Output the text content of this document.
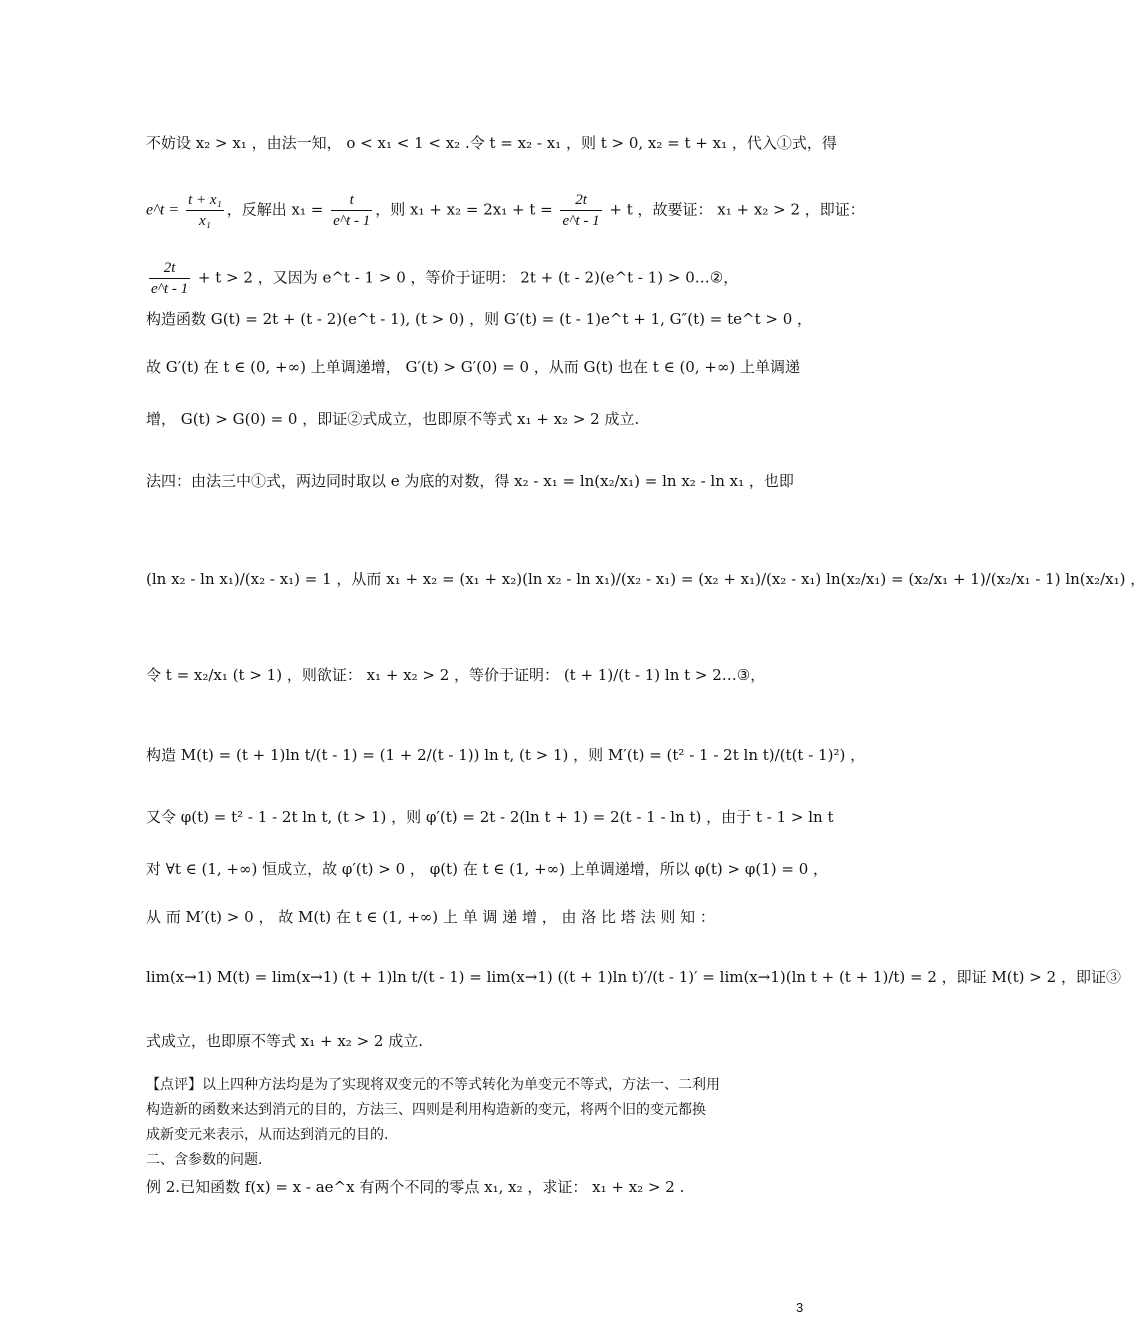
不妨设 x₂ > x₁ ，由法一知， o < x₁ < 1 < x₂ .令 t = x₂ - x₁ ，则 t > 0, x₂ = t + x₁ ，代入①式，得
e^t = $\frac{\text{t + x₁}}{\text{x₁}}$ ，反解出 $x_1 = \frac{t}{e\^{}t - 1}$ ，则 $x_1 + x_2 = 2x_1 + t = \frac{2t}{e\^{}t - 1} + t$ ，故要证： x₁ + x₂ > 2 ，即证：
$\frac{2t}{e\^{}t - 1} + t > 2$ ，又因为 e^t - 1 > 0 ，等价于证明： 2t + (t - 2)(e^t - 1) > 0…②，
构造函数 G(t) = 2t + (t - 2)(e^t - 1), (t > 0) ，则 G′(t) = (t - 1)e^t + 1, G″(t) = te^t > 0 ，
故 G′(t) 在 t ∈ (0, +∞) 上单调递增， G′(t) > G′(0) = 0 ，从而 G(t) 也在 t ∈ (0, +∞) 上单调递
增， G(t) > G(0) = 0 ，即证②式成立，也即原不等式 x₁ + x₂ > 2 成立.
法四：由法三中①式，两边同时取以 e 为底的对数，得 x₂ - x₁ = ln(x₂/x₁) = ln x₂ - ln x₁ ，也即
(ln x₂ - ln x₁)/(x₂ - x₁) = 1 ，从而 x₁ + x₂ = (x₁ + x₂)(ln x₂ - ln x₁)/(x₂ - x₁) = (x₂ + x₁)/(x₂ - x₁) ln(x₂/x₁) = (x₂/x₁ + 1)/(x₂/x₁ - 1) ln(x₂/x₁) ，
令 t = x₂/x₁ (t > 1) ，则欲证： x₁ + x₂ > 2 ，等价于证明： (t + 1)/(t - 1) ln t > 2…③，
构造 M(t) = (t + 1)ln t/(t - 1) = (1 + 2/(t - 1)) ln t, (t > 1) ，则 M′(t) = (t² - 1 - 2t ln t)/(t(t - 1)²) ，
又令 φ(t) = t² - 1 - 2t ln t, (t > 1) ，则 φ′(t) = 2t - 2(ln t + 1) = 2(t - 1 - ln t) ，由于 t - 1 > ln t
对 ∀t ∈ (1, +∞) 恒成立，故 φ′(t) > 0 ， φ(t) 在 t ∈ (1, +∞) 上单调递增，所以 φ(t) > φ(1) = 0 ，
从 而 M′(t) > 0 ， 故 M(t) 在 t ∈ (1, +∞) 上 单 调 递 增 ， 由 洛 比 塔 法 则 知 ：
lim(x→1) M(t) = lim(x→1) (t + 1)ln t/(t - 1) = lim(x→1) ((t + 1)ln t)′/(t - 1)′ = lim(x→1)(ln t + (t + 1)/t) = 2 ，即证 M(t) > 2 ，即证③
式成立，也即原不等式 x₁ + x₂ > 2 成立.
【点评】以上四种方法均是为了实现将双变元的不等式转化为单变元不等式，方法一、二利用
构造新的函数来达到消元的目的，方法三、四则是利用构造新的变元，将两个旧的变元都换
成新变元来表示，从而达到消元的目的.
二、含参数的问题.
例 2.已知函数 f(x) = x - ae^x 有两个不同的零点 x₁, x₂ ，求证： x₁ + x₂ > 2 .
3
